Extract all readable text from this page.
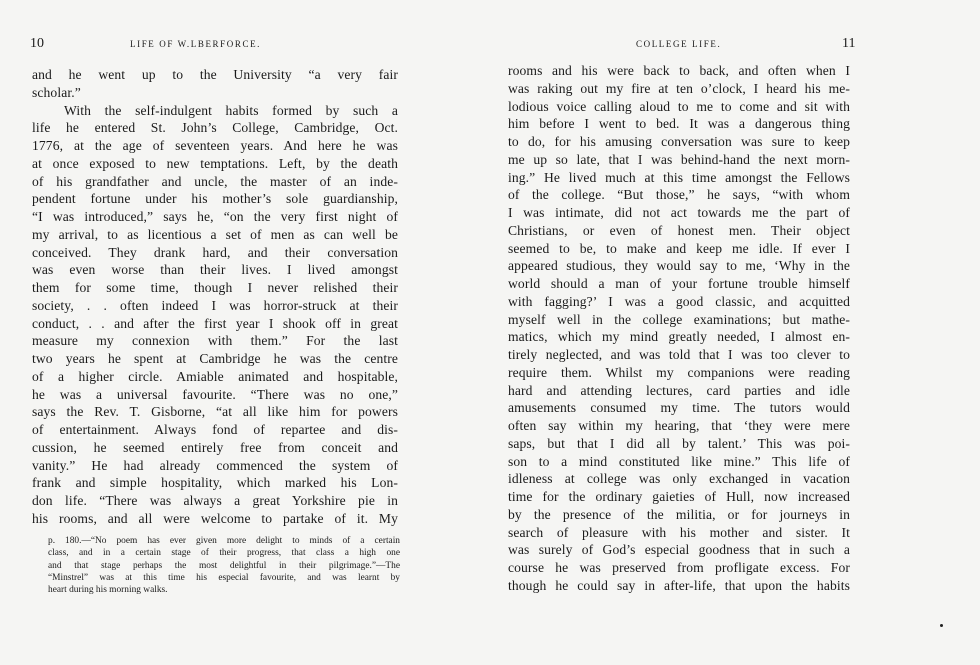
10	LIFE OF W.LBERFORCE.
and he went up to the University “a very fair
scholar.”
With the self-indulgent habits formed by such a
life he entered St. John’s College, Cambridge, Oct.
1776, at the age of seventeen years. And here he was
at once exposed to new temptations. Left, by the death
of his grandfather and uncle, the master of an inde-
pendent fortune under his mother’s sole guardianship,
“I was introduced,” says he, “on the very first night of
my arrival, to as licentious a set of men as can well be
conceived. They drank hard, and their conversation
was even worse than their lives. I lived amongst
them for some time, though I never relished their
society, . . often indeed I was horror-struck at their
conduct, . . and after the first year I shook off in great
measure my connexion with them.” For the last
two years he spent at Cambridge he was the centre
of a higher circle. Amiable animated and hospitable,
he was a universal favourite. “There was no one,”
says the Rev. T. Gisborne, “at all like him for powers
of entertainment. Always fond of repartee and dis-
cussion, he seemed entirely free from conceit and
vanity.” He had already commenced the system of
frank and simple hospitality, which marked his Lon-
don life. “There was always a great Yorkshire pie in
his rooms, and all were welcome to partake of it. My
p. 180.—“No poem has ever given more delight to minds of a certain
class, and in a certain stage of their progress, that class a high one
and that stage perhaps the most delightful in their pilgrimage.”—The
“Minstrel” was at this time his especial favourite, and was learnt by
heart during his morning walks.
COLLEGE LIFE.	11
rooms and his were back to back, and often when I
was raking out my fire at ten o’clock, I heard his me-
lodious voice calling aloud to me to come and sit with
him before I went to bed. It was a dangerous thing
to do, for his amusing conversation was sure to keep
me up so late, that I was behind-hand the next morn-
ing.” He lived much at this time amongst the Fellows
of the college. “But those,” he says, “with whom
I was intimate, did not act towards me the part of
Christians, or even of honest men. Their object
seemed to be, to make and keep me idle. If ever I
appeared studious, they would say to me, ‘Why in the
world should a man of your fortune trouble himself
with fagging?’ I was a good classic, and acquitted
myself well in the college examinations; but mathe-
matics, which my mind greatly needed, I almost en-
tirely neglected, and was told that I was too clever to
require them. Whilst my companions were reading
hard and attending lectures, card parties and idle
amusements consumed my time. The tutors would
often say within my hearing, that ‘they were mere
saps, but that I did all by talent.’ This was poi-
son to a mind constituted like mine.” This life of
idleness at college was only exchanged in vacation
time for the ordinary gaieties of Hull, now increased
by the presence of the militia, or for journeys in
search of pleasure with his mother and sister. It
was surely of God’s especial goodness that in such a
course he was preserved from profligate excess. For
though he could say in after-life, that upon the habits
